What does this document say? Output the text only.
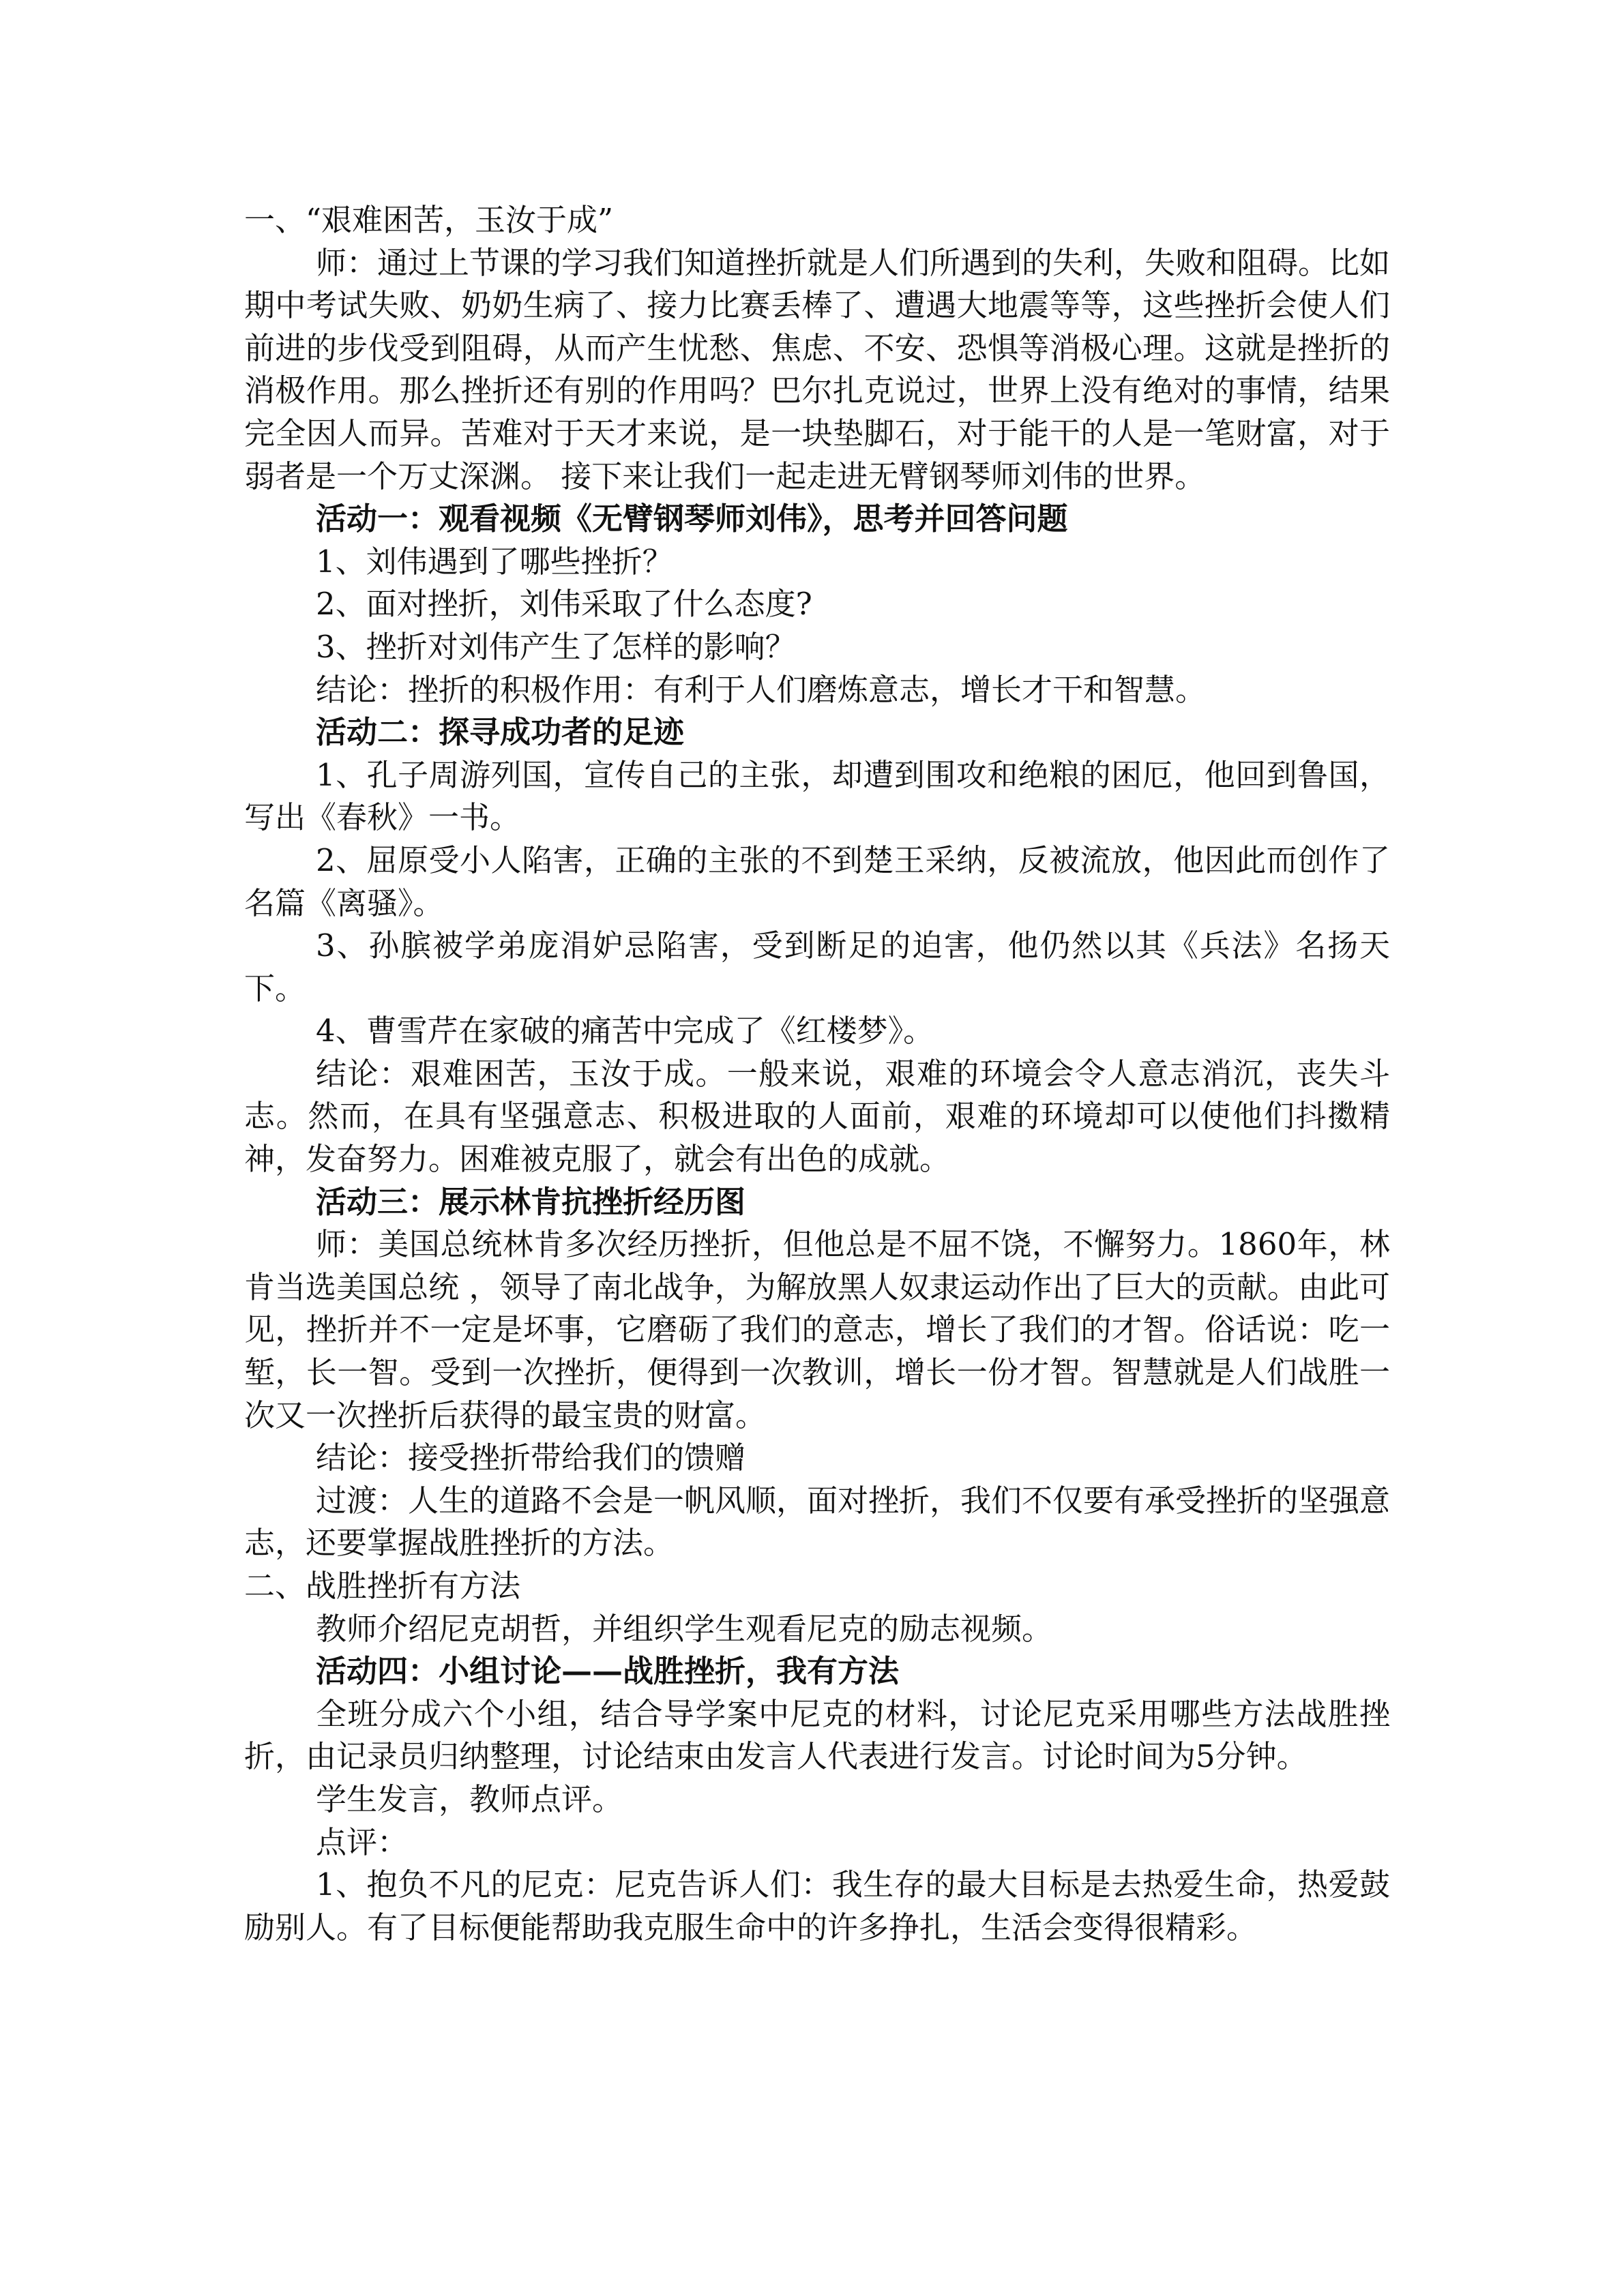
一、“艰难困苦，玉汝于成”

师：通过上节课的学习我们知道挫折就是人们所遇到的失利，失败和阻碍。比如期中考试失败、奶奶生病了、接力比赛丢棒了、遭遇大地震等等，这些挫折会使人们前进的步伐受到阻碍，从而产生忧愁、焦虑、不安、恐惧等消极心理。这就是挫折的消极作用。那么挫折还有别的作用吗？巴尔扎克说过，世界上没有绝对的事情，结果完全因人而异。苦难对于天才来说，是一块垫脚石，对于能干的人是一笔财富，对于弱者是一个万丈深渊。 接下来让我们一起走进无臂钢琴师刘伟的世界。

活动一：观看视频《无臂钢琴师刘伟》，思考并回答问题

1、刘伟遇到了哪些挫折？

2、面对挫折，刘伟采取了什么态度?

3、挫折对刘伟产生了怎样的影响？

结论：挫折的积极作用：有利于人们磨炼意志，增长才干和智慧。

活动二：探寻成功者的足迹

1、孔子周游列国，宣传自己的主张，却遭到围攻和绝粮的困厄，他回到鲁国，写出《春秋》一书。

2、屈原受小人陷害，正确的主张的不到楚王采纳，反被流放，他因此而创作了名篇《离骚》。

3、孙膑被学弟庞涓妒忌陷害，受到断足的迫害，他仍然以其《兵法》名扬天下。

4、曹雪芹在家破的痛苦中完成了《红楼梦》。

结论：艰难困苦，玉汝于成。一般来说，艰难的环境会令人意志消沉，丧失斗志。然而，在具有坚强意志、积极进取的人面前，艰难的环境却可以使他们抖擞精神，发奋努力。困难被克服了，就会有出色的成就。

活动三：展示林肯抗挫折经历图

师：美国总统林肯多次经历挫折，但他总是不屈不饶，不懈努力。1860年，林肯当选美国总统 ，领导了南北战争，为解放黑人奴隶运动作出了巨大的贡献。由此可见，挫折并不一定是坏事，它磨砺了我们的意志，增长了我们的才智。俗话说：吃一堑，长一智。受到一次挫折，便得到一次教训，增长一份才智。智慧就是人们战胜一次又一次挫折后获得的最宝贵的财富。

结论：接受挫折带给我们的馈赠

过渡：人生的道路不会是一帆风顺，面对挫折，我们不仅要有承受挫折的坚强意志，还要掌握战胜挫折的方法。

二、战胜挫折有方法

教师介绍尼克胡哲，并组织学生观看尼克的励志视频。

活动四：小组讨论——战胜挫折，我有方法

全班分成六个小组，结合导学案中尼克的材料，讨论尼克采用哪些方法战胜挫折，由记录员归纳整理，讨论结束由发言人代表进行发言。讨论时间为5分钟。

学生发言，教师点评。

点评：

1、抱负不凡的尼克：尼克告诉人们：我生存的最大目标是去热爱生命，热爱鼓励别人。有了目标便能帮助我克服生命中的许多挣扎，生活会变得很精彩。
